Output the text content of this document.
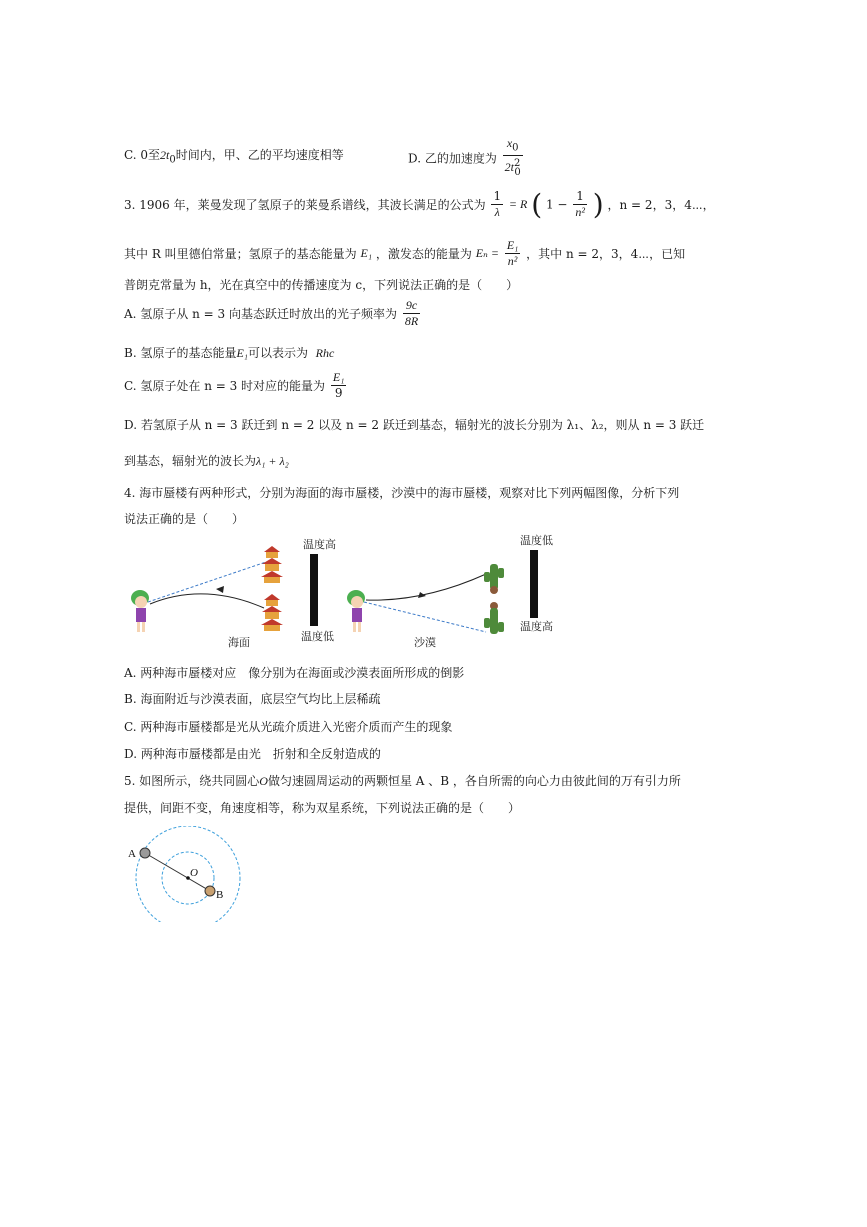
C. 0至$2t_0$时间内，甲、乙的平均速度相等	D. 乙的加速度为 $\frac{x_0}{2t^2_0}$
3. 1906 年，莱曼发现了氢原子的莱曼系谱线，其波长满足的公式为 $\frac{1}{\lambda} = R$ ( $1 - \frac{1}{\text{n²}}$ ) ，n = 2，3，4⋯，
其中 R 叫里德伯常量；氢原子的基态能量为 E₁ ，激发态的能量为 $E_n = \frac{\text{E₁}}{\text{n²}}$ ，其中 n = 2，3，4⋯，已知
普朗克常量为 h，光在真空中的传播速度为 c，下列说法正确的是（　　）
A. 氢原子从 n = 3 向基态跃迁时放出的光子频率为 $\frac{9c}{8R}$
B. 氢原子的基态能量E₁可以表示为 Rhc
C. 氢原子处在 n = 3 时对应的能量为 $\frac{\text{E₁}}{9}$
D. 若氢原子从 n = 3 跃迁到 n = 2 以及 n = 2 跃迁到基态，辐射光的波长分别为 λ₁、λ₂，则从 n = 3 跃迁
到基态，辐射光的波长为λ₁ + λ₂
4. 海市蜃楼有两种形式，分别为海面的海市蜃楼，沙漠中的海市蜃楼，观察对比下列两幅图像，分析下列
说法正确的是（　　）
温度高
温度低
海面
温度低
温度高
沙漠
A. 两种海市蜃楼对应　像分别为在海面或沙漠表面所形成的倒影
B. 海面附近与沙漠表面，底层空气均比上层稀疏
C. 两种海市蜃楼都是光从光疏介质进入光密介质而产生的现象
D. 两种海市蜃楼都是由光　折射和全反射造成的
5. 如图所示，绕共同圆心O做匀速圆周运动的两颗恒星 A 、B ，各自所需的向心力由彼此间的万有引力所
提供，间距不变，角速度相等，称为双星系统，下列说法正确的是（　　）
A
B
O
